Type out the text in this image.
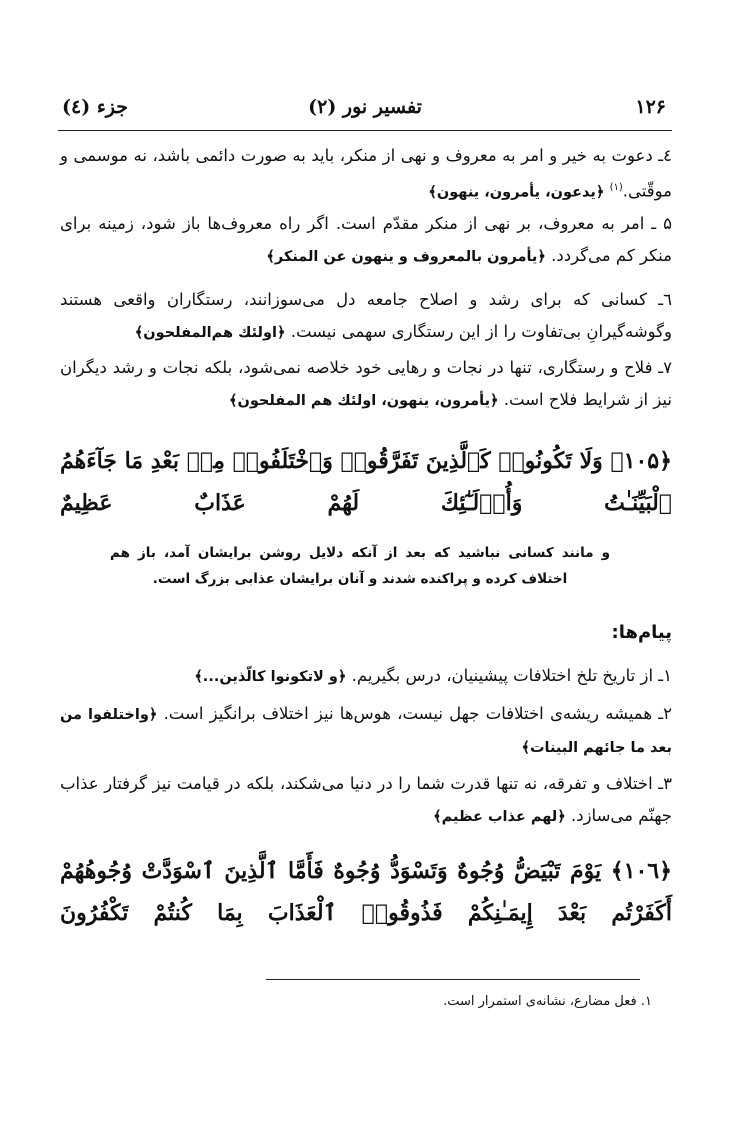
۱۲۶
تفسیر نور (۲)
جزء (٤)
٤ـ دعوت به خیر و امر به معروف و نهی از منکر، باید به صورت دائمی باشد، نه موسمی و موقّتی.$^{(۱)}$ ﴿یدعون، یأمرون، ینهون﴾
۵ ـ امر به معروف، بر نهی از منکر مقدّم است. اگر راه معروف‌ها باز شود، زمینه برای منکر کم می‌گردد. ﴿یأمرون بالمعروف و ینهون عن المنکر﴾
٦ـ کسانی که برای رشد و اصلاح جامعه دل می‌سوزانند، رستگاران واقعی هستند وگوشه‌گیرانِ بی‌تفاوت را از این رستگاری سهمی نیست. ﴿اولئك هم‌المفلحون﴾
٧ـ فلاح و رستگاری، تنها در نجات و رهایی خود خلاصه نمی‌شود، بلکه نجات و رشد دیگران نیز از شرایط فلاح است. ﴿یأمرون، ینهون، اولئك هم المفلحون﴾
﴿۱۰۵﴾ وَلَا تَكُونُوا۟ كَٱلَّذِينَ تَفَرَّقُوا۟ وَٱخْتَلَفُوا۟ مِنۢ بَعْدِ مَا جَآءَهُمُ ٱلْبَيِّنَـٰتُ وَأُو۟لَـٰٓئِكَ لَهُمْ عَذَابٌ عَظِيمٌ
و مانند کسانی نباشید که بعد از آنکه دلایل روشن برایشان آمد، باز هم اختلاف کرده و پراکنده شدند و آنان برایشان عذابی بزرگ است.
پیام‌ها:
۱ـ از تاریخ تلخ اختلافات پیشینیان، درس بگیریم. ﴿و لاتکونوا کالّذین...﴾
۲ـ همیشه ریشه‌ی اختلافات جهل نیست، هوس‌ها نیز اختلاف برانگیز است. ﴿واختلفوا من بعد ما جائهم البینات﴾
۳ـ اختلاف و تفرقه، نه تنها قدرت شما را در دنیا می‌شکند، بلکه در قیامت نیز گرفتار عذاب جهنّم می‌سازد. ﴿لهم عذاب عظیم﴾
﴿۱۰٦﴾ يَوْمَ تَبْيَضُّ وُجُوهٌ وَتَسْوَدُّ وُجُوهٌ فَأَمَّا ٱلَّذِينَ ٱسْوَدَّتْ وُجُوهُهُمْ أَكَفَرْتُم بَعْدَ إِيمَـٰنِكُمْ فَذُوقُوا۟ ٱلْعَذَابَ بِمَا كُنتُمْ تَكْفُرُونَ
۱. فعل مضارع، نشانه‌ی استمرار است.
